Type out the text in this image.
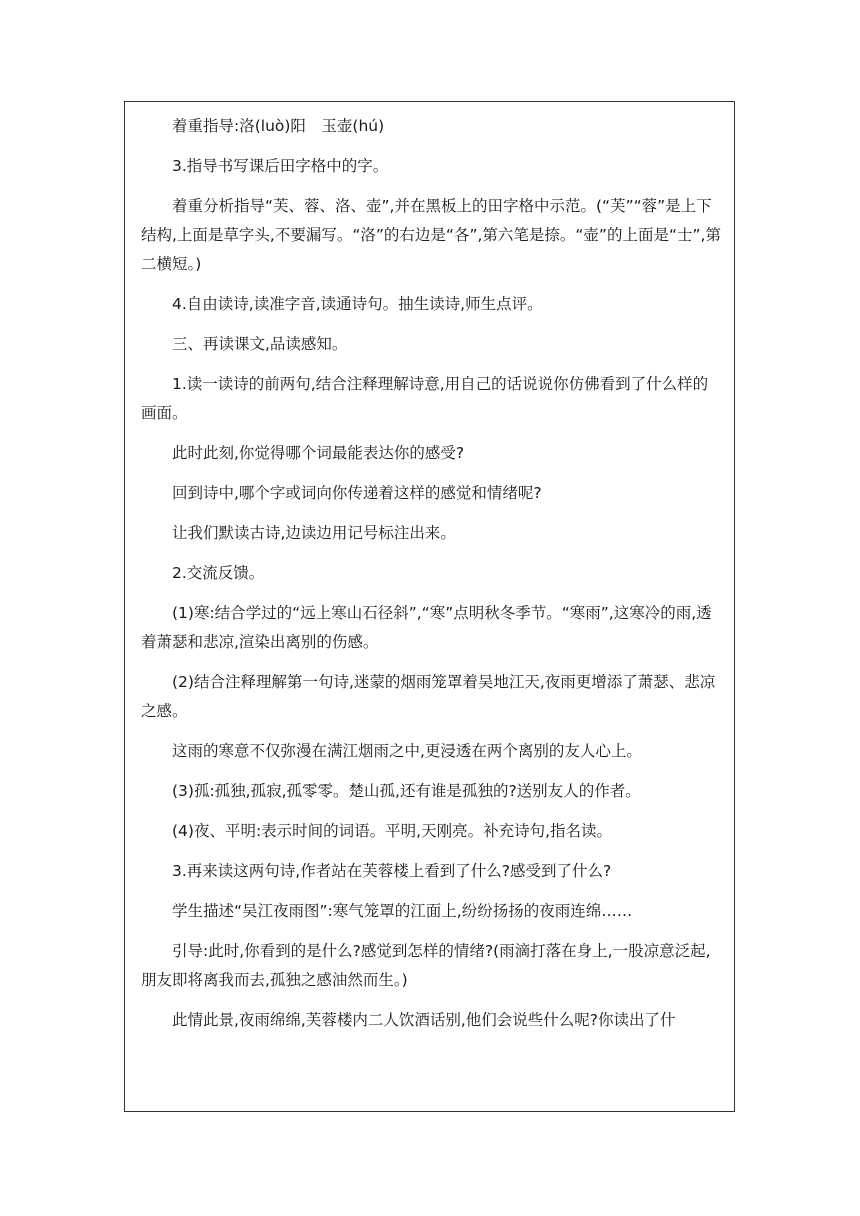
着重指导:洛(luò)阳　玉壶(hú)

3.指导书写课后田字格中的字。

着重分析指导“芙、蓉、洛、壶”,并在黑板上的田字格中示范。(“芙”“蓉”是上下结构,上面是草字头,不要漏写。“洛”的右边是“各”,第六笔是捺。“壶”的上面是“士”,第二横短。)

4.自由读诗,读准字音,读通诗句。抽生读诗,师生点评。

三、再读课文,品读感知。

1.读一读诗的前两句,结合注释理解诗意,用自己的话说说你仿佛看到了什么样的画面。

此时此刻,你觉得哪个词最能表达你的感受?

回到诗中,哪个字或词向你传递着这样的感觉和情绪呢?

让我们默读古诗,边读边用记号标注出来。

2.交流反馈。

(1)寒:结合学过的“远上寒山石径斜”,“寒”点明秋冬季节。“寒雨”,这寒冷的雨,透着萧瑟和悲凉,渲染出离别的伤感。

(2)结合注释理解第一句诗,迷蒙的烟雨笼罩着吴地江天,夜雨更增添了萧瑟、悲凉之感。

这雨的寒意不仅弥漫在满江烟雨之中,更浸透在两个离别的友人心上。

(3)孤:孤独,孤寂,孤零零。楚山孤,还有谁是孤独的?送别友人的作者。

(4)夜、平明:表示时间的词语。平明,天刚亮。补充诗句,指名读。

3.再来读这两句诗,作者站在芙蓉楼上看到了什么?感受到了什么?

学生描述“吴江夜雨图”:寒气笼罩的江面上,纷纷扬扬的夜雨连绵……

引导:此时,你看到的是什么?感觉到怎样的情绪?(雨滴打落在身上,一股凉意泛起,朋友即将离我而去,孤独之感油然而生。)

此情此景,夜雨绵绵,芙蓉楼内二人饮酒话别,他们会说些什么呢?你读出了什
